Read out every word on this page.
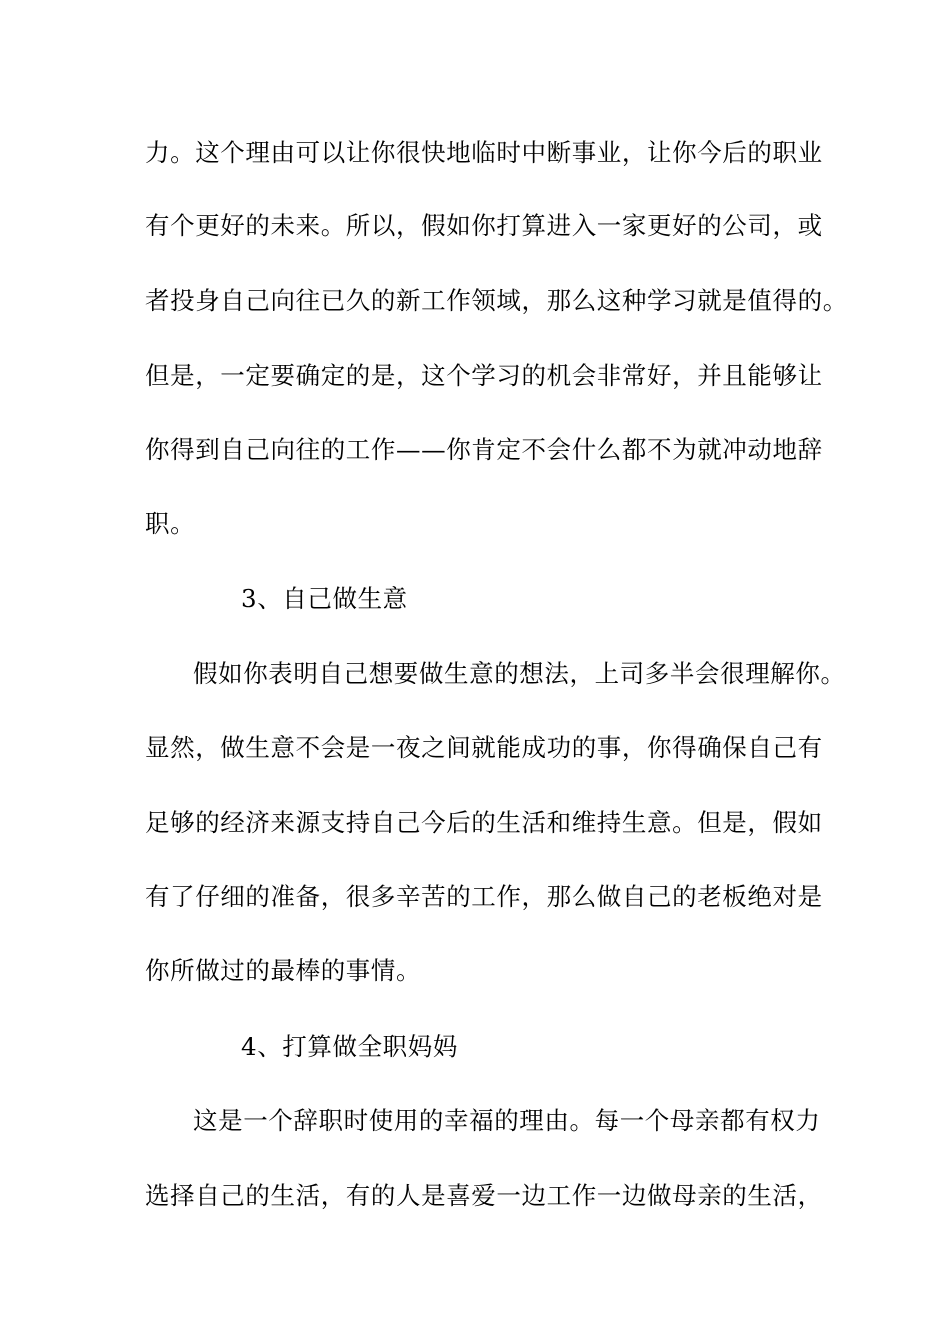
力。这个理由可以让你很快地临时中断事业，让你今后的职业
有个更好的未来。所以，假如你打算进入一家更好的公司，或
者投身自己向往已久的新工作领域，那么这种学习就是值得的。
但是，一定要确定的是，这个学习的机会非常好，并且能够让
你得到自己向往的工作——你肯定不会什么都不为就冲动地辞
职。
3、自己做生意
假如你表明自己想要做生意的想法，上司多半会很理解你。
显然，做生意不会是一夜之间就能成功的事，你得确保自己有
足够的经济来源支持自己今后的生活和维持生意。但是，假如
有了仔细的准备，很多辛苦的工作，那么做自己的老板绝对是
你所做过的最棒的事情。
4、打算做全职妈妈
这是一个辞职时使用的幸福的理由。每一个母亲都有权力
选择自己的生活，有的人是喜爱一边工作一边做母亲的生活，
